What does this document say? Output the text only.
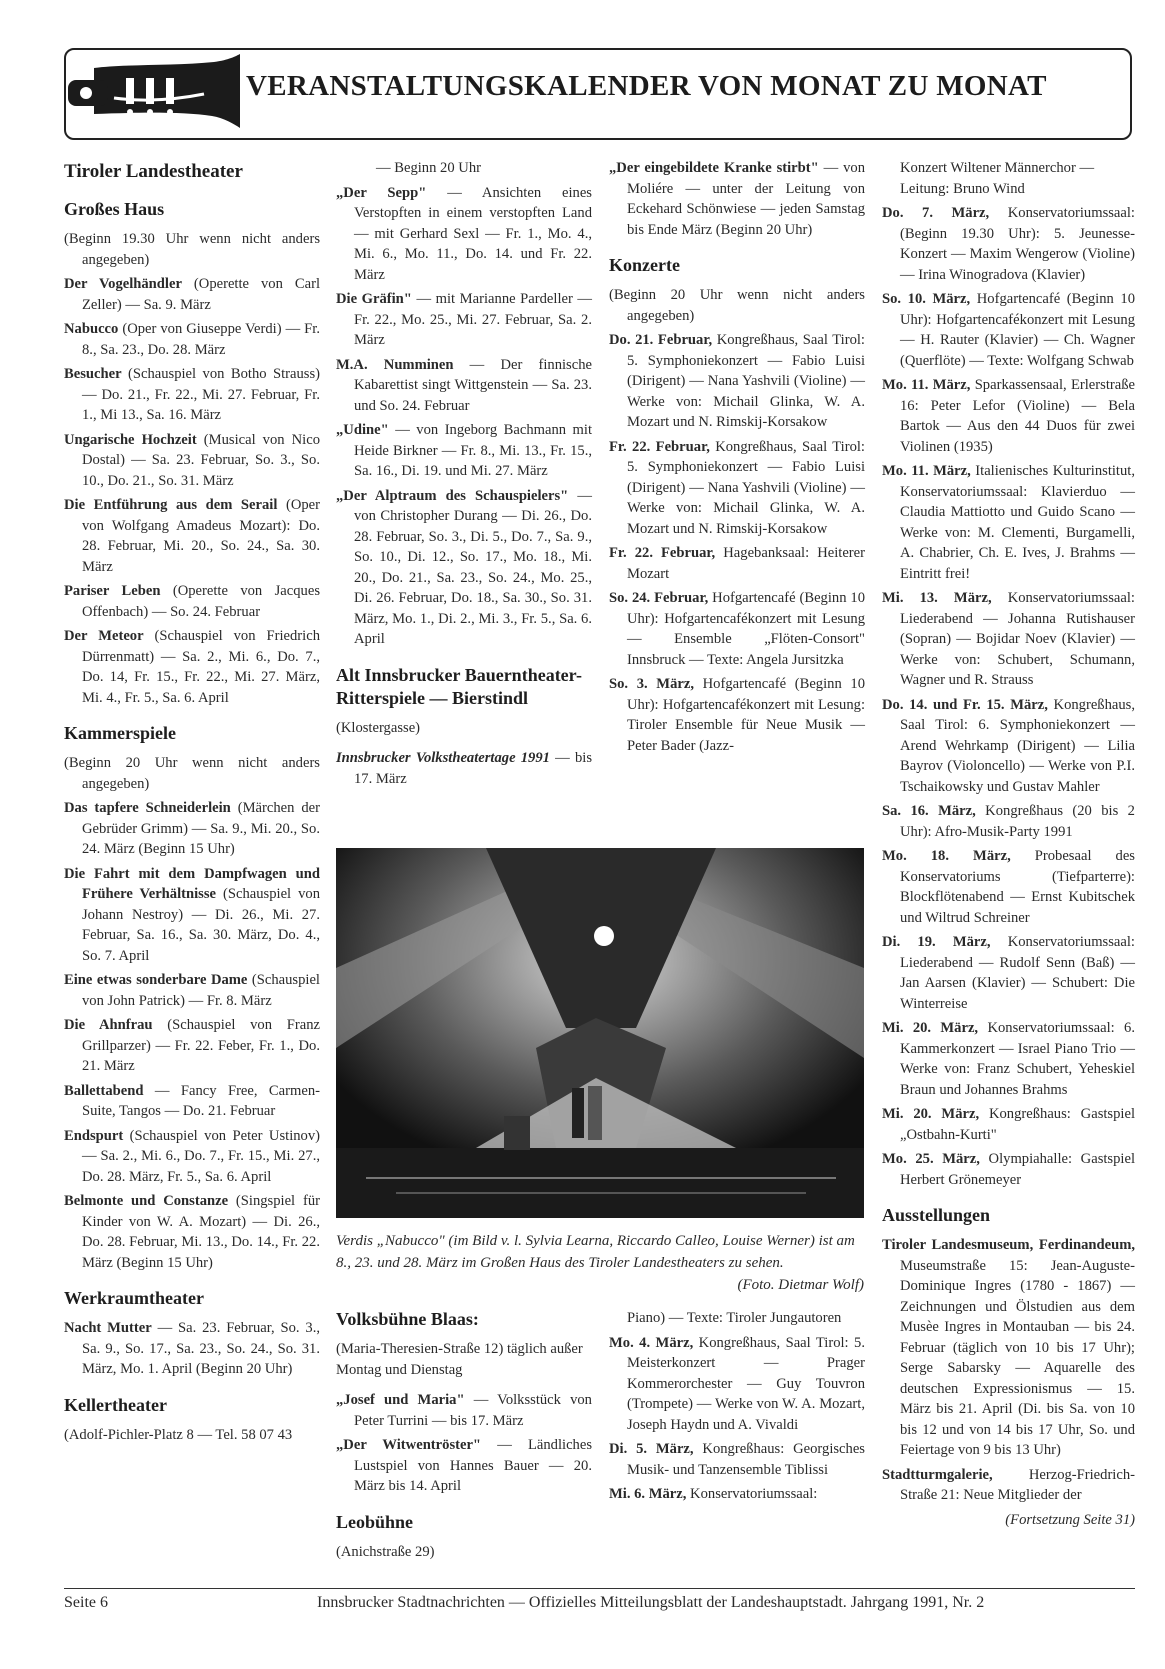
VERANSTALTUNGSKALENDER VON MONAT ZU MONAT
Tiroler Landestheater
Großes Haus
(Beginn 19.30 Uhr wenn nicht anders angegeben)
Der Vogelhändler (Operette von Carl Zeller) — Sa. 9. März
Nabucco (Oper von Giuseppe Verdi) — Fr. 8., Sa. 23., Do. 28. März
Besucher (Schauspiel von Botho Strauss) — Do. 21., Fr. 22., Mi. 27. Februar, Fr. 1., Mi 13., Sa. 16. März
Ungarische Hochzeit (Musical von Nico Dostal) — Sa. 23. Februar, So. 3., So. 10., Do. 21., So. 31. März
Die Entführung aus dem Serail (Oper von Wolfgang Amadeus Mozart): Do. 28. Februar, Mi. 20., So. 24., Sa. 30. März
Pariser Leben (Operette von Jacques Offenbach) — So. 24. Februar
Der Meteor (Schauspiel von Friedrich Dürrenmatt) — Sa. 2., Mi. 6., Do. 7., Do. 14, Fr. 15., Fr. 22., Mi. 27. März, Mi. 4., Fr. 5., Sa. 6. April
Kammerspiele
(Beginn 20 Uhr wenn nicht anders angegeben)
Das tapfere Schneiderlein (Märchen der Gebrüder Grimm) — Sa. 9., Mi. 20., So. 24. März (Beginn 15 Uhr)
Die Fahrt mit dem Dampfwagen und Frühere Verhältnisse (Schauspiel von Johann Nestroy) — Di. 26., Mi. 27. Februar, Sa. 16., Sa. 30. März, Do. 4., So. 7. April
Eine etwas sonderbare Dame (Schauspiel von John Patrick) — Fr. 8. März
Die Ahnfrau (Schauspiel von Franz Grillparzer) — Fr. 22. Feber, Fr. 1., Do. 21. März
Ballettabend — Fancy Free, Carmen-Suite, Tangos — Do. 21. Februar
Endspurt (Schauspiel von Peter Ustinov) — Sa. 2., Mi. 6., Do. 7., Fr. 15., Mi. 27., Do. 28. März, Fr. 5., Sa. 6. April
Belmonte und Constanze (Singspiel für Kinder von W. A. Mozart) — Di. 26., Do. 28. Februar, Mi. 13., Do. 14., Fr. 22. März (Beginn 15 Uhr)
Werkraumtheater
Nacht Mutter — Sa. 23. Februar, So. 3., Sa. 9., So. 17., Sa. 23., So. 24., So. 31. März, Mo. 1. April (Beginn 20 Uhr)
Kellertheater
(Adolf-Pichler-Platz 8 — Tel. 58 07 43
— Beginn 20 Uhr
„Der Sepp" — Ansichten eines Verstopften in einem verstopften Land — mit Gerhard Sexl — Fr. 1., Mo. 4., Mi. 6., Mo. 11., Do. 14. und Fr. 22. März
Die Gräfin" — mit Marianne Pardeller — Fr. 22., Mo. 25., Mi. 27. Februar, Sa. 2. März
M.A. Numminen — Der finnische Kabarettist singt Wittgenstein — Sa. 23. und So. 24. Februar
„Udine" — von Ingeborg Bachmann mit Heide Birkner — Fr. 8., Mi. 13., Fr. 15., Sa. 16., Di. 19. und Mi. 27. März
„Der Alptraum des Schauspielers" — von Christopher Durang — Di. 26., Do. 28. Februar, So. 3., Di. 5., Do. 7., Sa. 9., So. 10., Di. 12., So. 17., Mo. 18., Mi. 20., Do. 21., Sa. 23., So. 24., Mo. 25., Di. 26. Februar, Do. 18., Sa. 30., So. 31. März, Mo. 1., Di. 2., Mi. 3., Fr. 5., Sa. 6. April
Alt Innsbrucker Bauerntheater-Ritterspiele — Bierstindl
(Klostergasse)
Innsbrucker Volkstheatertage 1991 — bis 17. März
„Der eingebildete Kranke stirbt" — von Moliére — unter der Leitung von Eckehard Schönwiese — jeden Samstag bis Ende März (Beginn 20 Uhr)
Konzerte
(Beginn 20 Uhr wenn nicht anders angegeben)
Do. 21. Februar, Kongreßhaus, Saal Tirol: 5. Symphoniekonzert — Fabio Luisi (Dirigent) — Nana Yashvili (Violine) — Werke von: Michail Glinka, W. A. Mozart und N. Rimskij-Korsakow
Fr. 22. Februar, Kongreßhaus, Saal Tirol: 5. Symphoniekonzert — Fabio Luisi (Dirigent) — Nana Yashvili (Violine) — Werke von: Michail Glinka, W. A. Mozart und N. Rimskij-Korsakow
Fr. 22. Februar, Hagebanksaal: Heiterer Mozart
So. 24. Februar, Hofgartencafé (Beginn 10 Uhr): Hofgartencafékonzert mit Lesung — Ensemble „Flöten-Consort" Innsbruck — Texte: Angela Jursitzka
So. 3. März, Hofgartencafé (Beginn 10 Uhr): Hofgartencafékonzert mit Lesung: Tiroler Ensemble für Neue Musik — Peter Bader (Jazz-
Konzert Wiltener Männerchor — Leitung: Bruno Wind
Do. 7. März, Konservatoriumssaal: (Beginn 19.30 Uhr): 5. Jeunesse-Konzert — Maxim Wengerow (Violine) — Irina Winogradova (Klavier)
So. 10. März, Hofgartencafé (Beginn 10 Uhr): Hofgartencafékonzert mit Lesung — H. Rauter (Klavier) — Ch. Wagner (Querflöte) — Texte: Wolfgang Schwab
Mo. 11. März, Sparkassensaal, Erlerstraße 16: Peter Lefor (Violine) — Bela Bartok — Aus den 44 Duos für zwei Violinen (1935)
Mo. 11. März, Italienisches Kulturinstitut, Konservatoriumssaal: Klavierduo — Claudia Mattiotto und Guido Scano — Werke von: M. Clementi, Burgamelli, A. Chabrier, Ch. E. Ives, J. Brahms — Eintritt frei!
Mi. 13. März, Konservatoriumssaal: Liederabend — Johanna Rutishauser (Sopran) — Bojidar Noev (Klavier) — Werke von: Schubert, Schumann, Wagner und R. Strauss
Do. 14. und Fr. 15. März, Kongreßhaus, Saal Tirol: 6. Symphoniekonzert — Arend Wehrkamp (Dirigent) — Lilia Bayrov (Violoncello) — Werke von P.I. Tschaikowsky und Gustav Mahler
Sa. 16. März, Kongreßhaus (20 bis 2 Uhr): Afro-Musik-Party 1991
Mo. 18. März, Probesaal des Konservatoriums (Tiefparterre): Blockflötenabend — Ernst Kubitschek und Wiltrud Schreiner
Di. 19. März, Konservatoriumssaal: Liederabend — Rudolf Senn (Baß) — Jan Aarsen (Klavier) — Schubert: Die Winterreise
Mi. 20. März, Konservatoriumssaal: 6. Kammerkonzert — Israel Piano Trio — Werke von: Franz Schubert, Yeheskiel Braun und Johannes Brahms
Mi. 20. März, Kongreßhaus: Gastspiel „Ostbahn-Kurti"
Mo. 25. März, Olympiahalle: Gastspiel Herbert Grönemeyer
Ausstellungen
Tiroler Landesmuseum, Ferdinandeum, Museumstraße 15: Jean-Auguste-Dominique Ingres (1780 - 1867) — Zeichnungen und Ölstudien aus dem Musèe Ingres in Montauban — bis 24. Februar (täglich von 10 bis 17 Uhr); Serge Sabarsky — Aquarelle des deutschen Expressionismus — 15. März bis 21. April (Di. bis Sa. von 10 bis 12 und von 14 bis 17 Uhr, So. und Feiertage von 9 bis 13 Uhr)
Stadtturmgalerie, Herzog-Friedrich-Straße 21: Neue Mitglieder der
(Fortsetzung Seite 31)
Verdis „Nabucco" (im Bild v. l. Sylvia Learna, Riccardo Calleo, Louise Werner) ist am 8., 23. und 28. März im Großen Haus des Tiroler Landestheaters zu sehen.
(Foto. Dietmar Wolf)
Volksbühne Blaas:
(Maria-Theresien-Straße 12) täglich außer Montag und Dienstag
„Josef und Maria" — Volksstück von Peter Turrini — bis 17. März
„Der Witwentröster" — Ländliches Lustspiel von Hannes Bauer — 20. März bis 14. April
Leobühne
(Anichstraße 29)
Piano) — Texte: Tiroler Jungautoren
Mo. 4. März, Kongreßhaus, Saal Tirol: 5. Meisterkonzert — Prager Kommerorchester — Guy Touvron (Trompete) — Werke von W. A. Mozart, Joseph Haydn und A. Vivaldi
Di. 5. März, Kongreßhaus: Georgisches Musik- und Tanzensemble Tiblissi
Mi. 6. März, Konservatoriumssaal:
Seite 6	Innsbrucker Stadtnachrichten — Offizielles Mitteilungsblatt der Landeshauptstadt. Jahrgang 1991, Nr. 2
